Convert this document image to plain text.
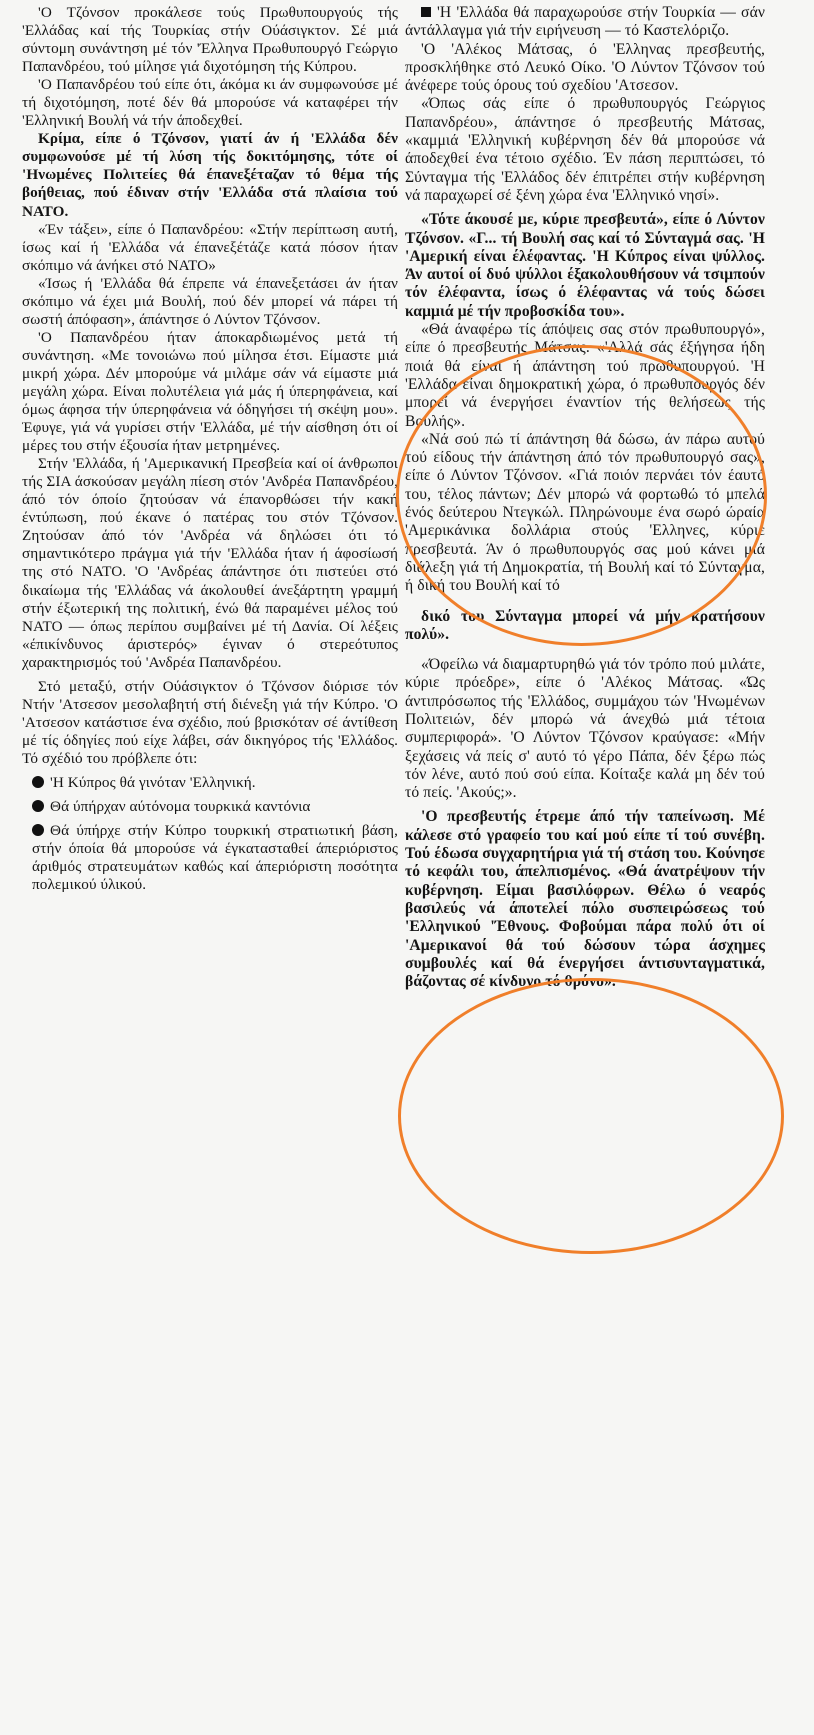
'Ο Τζόνσον προκάλεσε τούς Πρωθυπουργούς τής 'Ελλάδας καί τής Τουρκίας στήν Ούάσιγκτον. Σέ μιά σύντομη συνάντηση μέ τόν 'Έλληνα Πρωθυπουργό Γεώργιο Παπανδρέου, τού μίλησε γιά διχοτόμηση τής Κύπρου.

'Ο Παπανδρέου τού είπε ότι, άκόμα κι άν συμφωνούσε μέ τή διχοτόμηση, ποτέ δέν θά μπορούσε νά καταφέρει τήν 'Ελληνική Βουλή νά τήν άποδεχθεί.

Κρίμα, είπε ό Τζόνσον, γιατί άν ή 'Ελλάδα δέν συμφωνούσε μέ τή λύση τής δοκιτόμησης, τότε οί 'Ηνωμένες Πολιτείες θά έπανεξέταζαν τό θέμα τής βοήθειας, πού έδιναν στήν 'Ελλάδα στά πλαίσια τού ΝΑΤΟ.

«Έν τάξει», είπε ό Παπανδρέου: «Στήν περίπτωση αυτή, ίσως καί ή 'Ελλάδα νά έπανεξέτάζε κατά πόσον ήταν σκόπιμο νά άνήκει στό ΝΑΤΟ»

«Ίσως ή 'Ελλάδα θά έπρεπε νά έπανεξετάσει άν ήταν σκόπιμο νά έχει μιά Βουλή, πού δέν μπορεί νά πάρει τή σωστή άπόφαση», άπάντησε ό Λύντον Τζόνσον.

'Ο Παπανδρέου ήταν άποκαρδιωμένος μετά τή συνάντηση. «Με τονοιώνω πού μίλησα έτσι. Είμαστε μιά μικρή χώρα. Δέν μπορούμε νά μιλάμε σάν νά είμαστε μιά μεγάλη χώρα. Είναι πολυτέλεια γιά μάς ή ύπερηφάνεια, καί όμως άφησα τήν ύπερηφάνεια νά όδηγήσει τή σκέψη μου». Έφυγε, γιά νά γυρίσει στήν 'Ελλάδα, μέ τήν αίσθηση ότι οί μέρες του στήν έξουσία ήταν μετρημένες.

Στήν 'Ελλάδα, ή 'Αμερικανική Πρεσβεία καί οί άνθρωποι τής ΣΙΑ άσκούσαν μεγάλη πίεση στόν 'Ανδρέα Παπανδρέου, άπό τόν όποίο ζητούσαν νά έπανορθώσει τήν κακή έντύπωση, πού έκανε ό πατέρας του στόν Τζόνσον. Ζητούσαν άπό τόν 'Ανδρέα νά δηλώσει ότι τό σημαντικότερο πράγμα γιά τήν 'Ελλάδα ήταν ή άφοσίωσή της στό ΝΑΤΟ. 'Ο 'Ανδρέας άπάντησε ότι πιστεύει στό δικαίωμα τής 'Ελλάδας νά άκολουθεί άνεξάρτητη γραμμή στήν έξωτερική της πολιτική, ένώ θά παραμένει μέλος τού ΝΑΤΟ — όπως περίπου συμβαίνει μέ τή Δανία. Οί λέξεις «έπικίνδυνος άριστερός» έγιναν ό στερεότυπος χαρακτηρισμός τού 'Ανδρέα Παπανδρέου.

Στό μεταξύ, στήν Ούάσιγκτον ό Τζόνσον διόρισε τόν Ντήν 'Ατσεσον μεσολαβητή στή διένεξη γιά τήν Κύπρο. 'Ο 'Ατσεσον κατάστισε ένα σχέδιο, πού βρισκόταν σέ άντίθεση μέ τίς όδηγίες πού είχε λάβει, σάν δικηγόρος τής 'Ελλάδος. Τό σχέδιό του πρόβλεπε ότι:

'Η Κύπρος θά γινόταν 'Ελληνική.

Θά ύπήρχαν αύτόνομα τουρκικά καντόνια

Θά ύπήρχε στήν Κύπρο τουρκική στρατιωτική βάση, στήν όποία θά μπορούσε νά έγκατασταθεί άπεριόριστος άριθμός στρατευμάτων καθώς καί άπεριόριστη ποσότητα πολεμικού ύλικού.

'Η 'Ελλάδα θά παραχωρούσε στήν Τουρκία — σάν άντάλλαγμα γιά τήν ειρήνευση — τό Καστελόριζο.

'Ο 'Αλέκος Μάτσας, ό 'Ελληνας πρεσβευτής, προσκλήθηκε στό Λευκό Οίκο. 'Ο Λύντον Τζόνσον τού άνέφερε τούς όρους τού σχεδίου 'Ατσεσον.

«Όπως σάς είπε ό πρωθυπουργός Γεώργιος Παπανδρέου», άπάντησε ό πρεσβευτής Μάτσας, «καμμιά 'Ελληνική κυβέρνηση δέν θά μπορούσε νά άποδεχθεί ένα τέτοιο σχέδιο. Έν πάση περιπτώσει, τό Σύνταγμα τής 'Ελλάδος δέν έπιτρέπει στήν κυβέρνηση νά παραχωρεί σέ ξένη χώρα ένα 'Ελληνικό νησί».

«Τότε άκουσέ με, κύριε πρεσβευτά», είπε ό Λύντον Τζόνσον. «Γ... τή Βουλή σας καί τό Σύνταγμά σας. 'Η 'Αμερική είναι έλέφαντας. 'Η Κύπρος είναι ψύλλος. Άν αυτοί οί δυό ψύλλοι έξακολουθήσουν νά τσιμπούν τόν έλέφαντα, ίσως ό έλέφαντας νά τούς δώσει καμμιά μέ τήν προβοσκίδα του».

«Θά άναφέρω τίς άπόψεις σας στόν πρωθυπουργό», είπε ό πρεσβευτής Μάτσας. «'Αλλά σάς έξήγησα ήδη ποιά θά είναι ή άπάντηση τού πρωθυπουργού. 'Η 'Ελλάδα είναι δημοκρατική χώρα, ό πρωθυπουργός δέν μπορεί νά ένεργήσει έναντίον τής θελήσεως τής Βουλής».

«Νά σού πώ τί άπάντηση θά δώσω, άν πάρω αυτού τού είδους τήν άπάντηση άπό τόν πρωθυπουργό σας», είπε ό Λύντον Τζόνσον. «Γιά ποιόν περνάει τόν έαυτό του, τέλος πάντων; Δέν μπορώ νά φορτωθώ τό μπελά ένός δεύτερου Ντεγκώλ. Πληρώνουμε ένα σωρό ώραία 'Αμερικάνικα δολλάρια στούς 'Ελληνες, κύριε πρεσβευτά. Άν ό πρωθυπουργός σας μού κάνει μιά διάλεξη γιά τή Δημοκρατία, τή Βουλή καί τό Σύνταγμα, ή δική του Βουλή καί τό

δικό του Σύνταγμα μπορεί νά μήν κρατήσουν πολύ».

«Όφείλω νά διαμαρτυρηθώ γιά τόν τρόπο πού μιλάτε, κύριε πρόεδρε», είπε ό 'Αλέκος Μάτσας. «Ώς άντιπρόσωπος τής 'Ελλάδος, συμμάχου τών 'Ηνωμένων Πολιτειών, δέν μπορώ νά άνεχθώ μιά τέτοια συμπεριφορά». 'Ο Λύντον Τζόνσον κραύγασε: «Μήν ξεχάσεις νά πείς σ' αυτό τό γέρο Πάπα, δέν ξέρω πώς τόν λένε, αυτό πού σού είπα. Κοίταξε καλά μη δέν τού τό πείς. 'Ακούς;».

'Ο πρεσβευτής έτρεμε άπό τήν ταπείνωση. Μέ κάλεσε στό γραφείο του καί μού είπε τί τού συνέβη. Τού έδωσα συγχαρητήρια γιά τή στάση του. Κούνησε τό κεφάλι του, άπελπισμένος. «Θά άνατρέψουν τήν κυβέρνηση. Είμαι βασιλόφρων. Θέλω ό νεαρός βασιλεύς νά άποτελεί πόλο συσπειρώσεως τού 'Ελληνικού 'Έθνους. Φοβούμαι πάρα πολύ ότι οί 'Αμερικανοί θά τού δώσουν τώρα άσχημες συμβουλές καί θά ένεργήσει άντισυνταγματικά, βάζοντας σέ κίνδυνο τό θρόνο».
